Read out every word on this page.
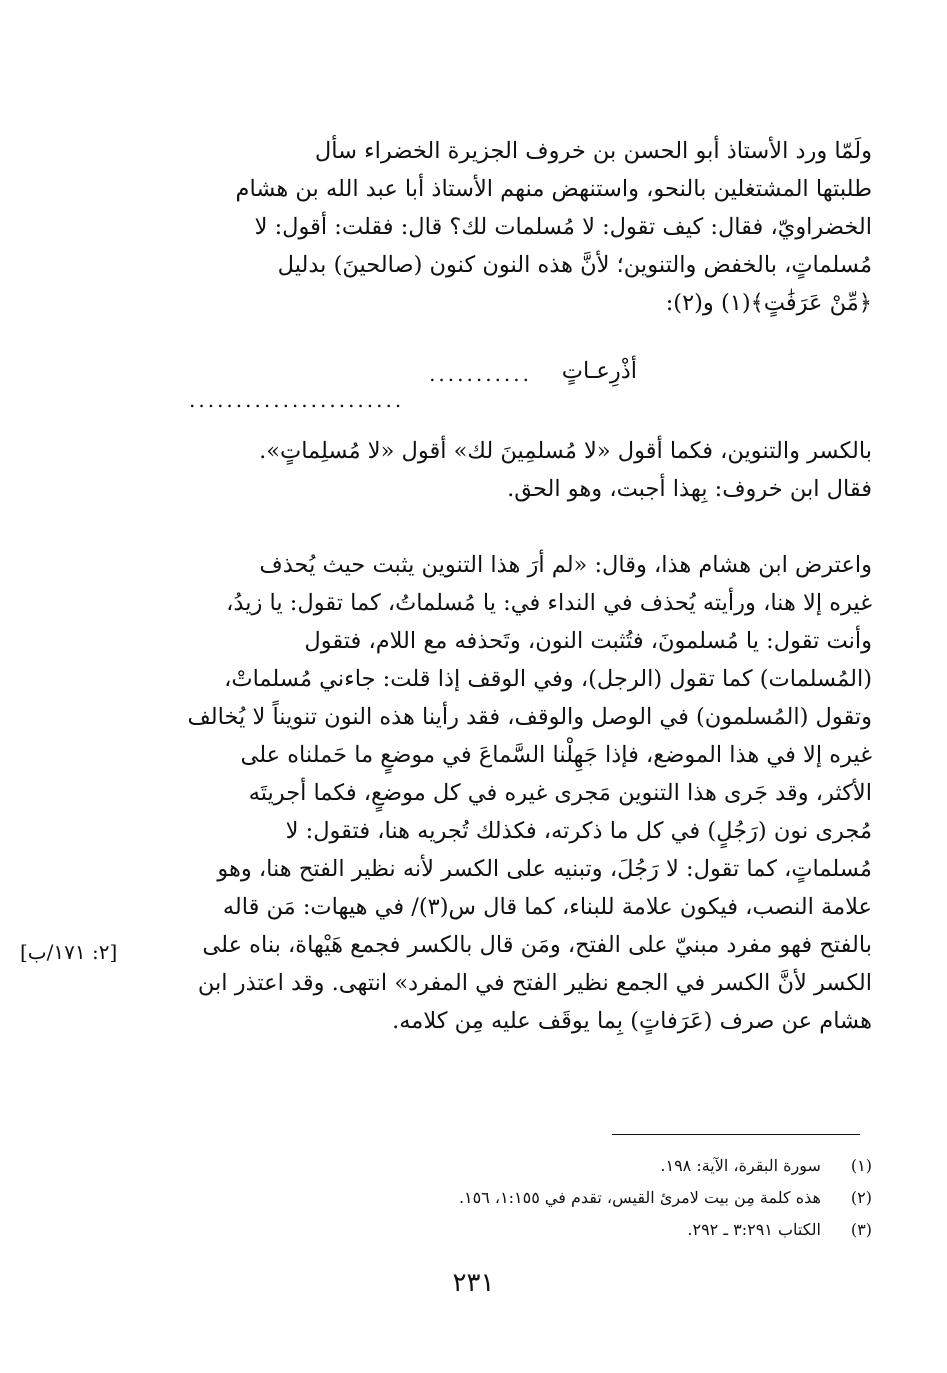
ولَمّا ورد الأستاذ أبو الحسن بن خروف الجزيرة الخضراء سأل
طلبتها المشتغلين بالنحو، واستنهض منهم الأستاذ أبا عبد الله بن هشام
الخضراويّ، فقال: كيف تقول: لا مُسلمات لك؟ قال: فقلت: أقول: لا
مُسلماتٍ، بالخفض والتنوين؛ لأنَّ هذه النون كنون (صالحينَ) بدليل
﴿مِّنْ عَرَفَٰتٍ﴾(١) و(٢):
أذْرِعـاتٍ
...........
.......................
بالكسر والتنوين، فكما أقول «لا مُسلمِينَ لك» أقول «لا مُسلِماتٍ».
فقال ابن خروف: بِهذا أجبت، وهو الحق.
واعترض ابن هشام هذا، وقال: «لم أرَ هذا التنوين يثبت حيث يُحذف
غيره إلا هنا، ورأيته يُحذف في النداء في: يا مُسلماتُ، كما تقول: يا زيدُ،
وأنت تقول: يا مُسلمونَ، فتُثبت النون، وتَحذفه مع اللام، فتقول
(المُسلمات) كما تقول (الرجل)، وفي الوقف إذا قلت: جاءني مُسلماتْ،
وتقول (المُسلمون) في الوصل والوقف، فقد رأينا هذه النون تنويناً لا يُخالف
غيره إلا في هذا الموضع، فإذا جَهِلْنا السَّماعَ في موضعٍ ما حَملناه على
الأكثر، وقد جَرى هذا التنوين مَجرى غيره في كل موضعٍ، فكما أجريتَه
مُجرى نون (رَجُلٍ) في كل ما ذكرته، فكذلك تُجريه هنا، فتقول: لا
مُسلماتٍ، كما تقول: لا رَجُلَ، وتبنيه على الكسر لأنه نظير الفتح هنا، وهو
علامة النصب، فيكون علامة للبناء، كما قال س(٣)/ في هيهات: مَن قاله
بالفتح فهو مفرد مبنيّ على الفتح، ومَن قال بالكسر فجمع هَيْهاة، بناه على
الكسر لأنَّ الكسر في الجمع نظير الفتح في المفرد» انتهى. وقد اعتذر ابن
هشام عن صرف (عَرَفاتٍ) بِما يوقَف عليه مِن كلامه.
[٢: ١٧١/ب]
(١) سورة البقرة، الآية: ١٩٨.
(٢) هذه كلمة مِن بيت لامرئ القيس، تقدم في ١:١٥٥، ١٥٦.
(٣) الكتاب ٣:٢٩١ ـ ٢٩٢.
٢٣١
